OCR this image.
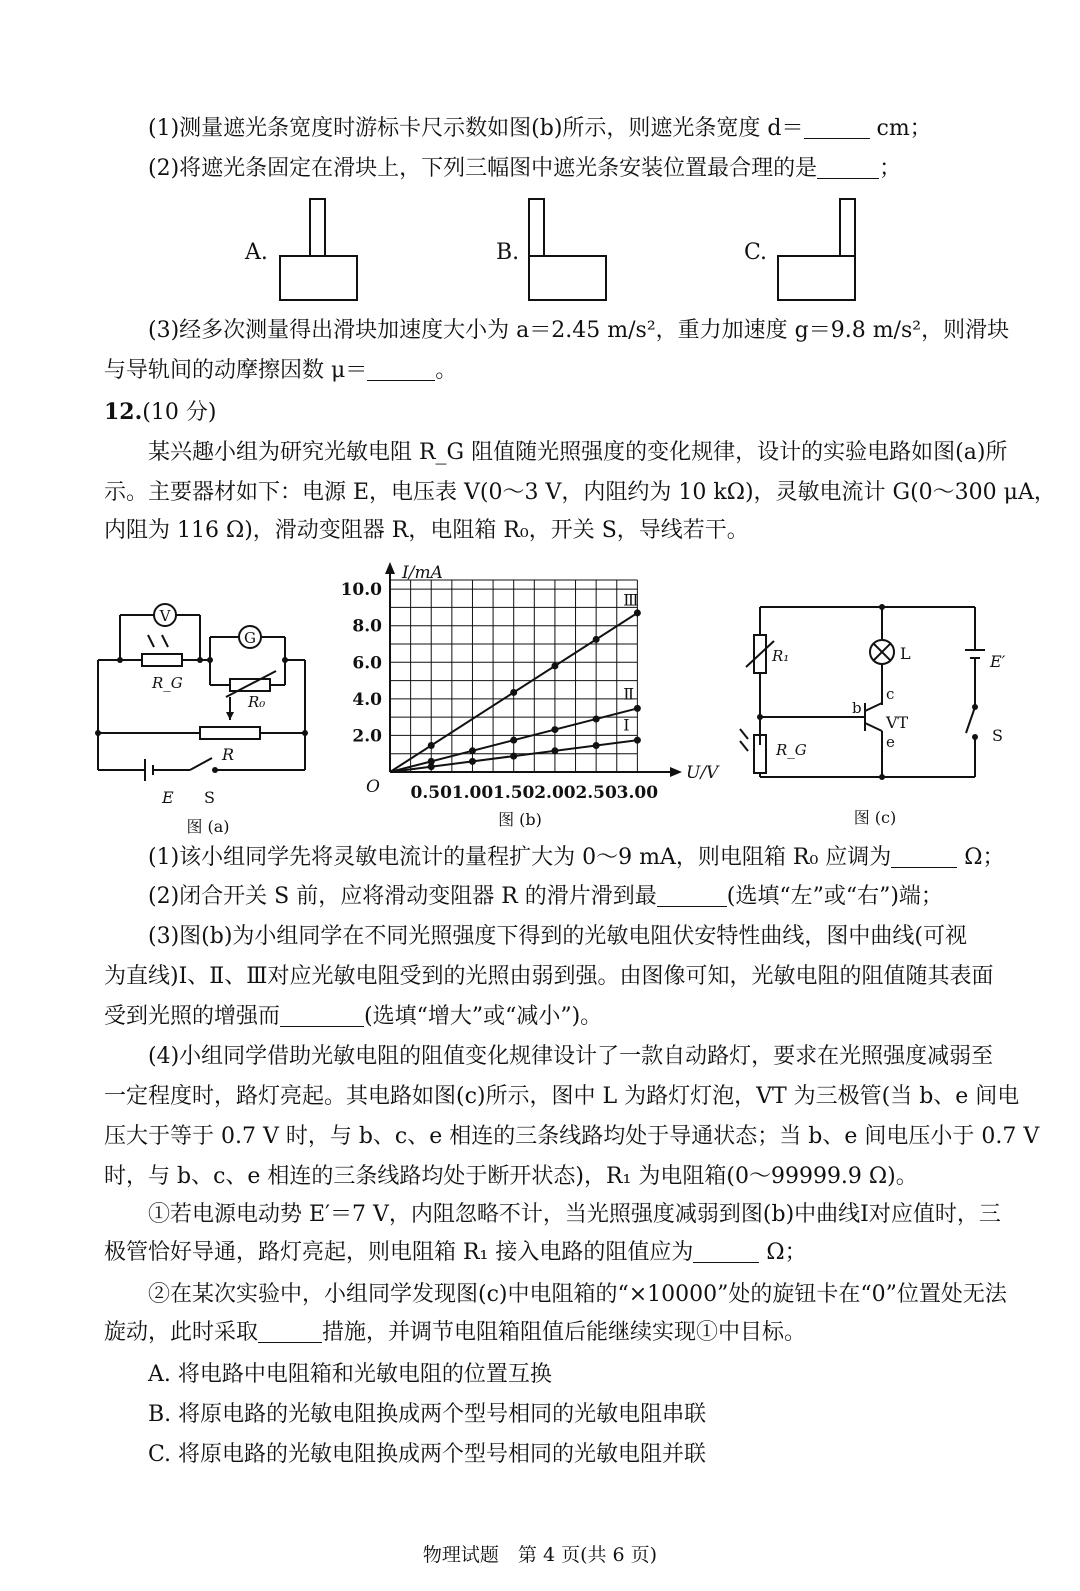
(1)测量遮光条宽度时游标卡尺示数如图(b)所示，则遮光条宽度 d＝	cm；
(2)将遮光条固定在滑块上，下列三幅图中遮光条安装位置最合理的是	；
A.	B.	C.
(3)经多次测量得出滑块加速度大小为 a＝2.45 m/s²，重力加速度 g＝9.8 m/s²，则滑块
与导轨间的动摩擦因数 μ＝	。
12.(10 分)
某兴趣小组为研究光敏电阻 R_G 阻值随光照强度的变化规律，设计的实验电路如图(a)所
示。主要器材如下：电源 E，电压表 V(0～3 V，内阻约为 10 kΩ)，灵敏电流计 G(0～300 μA，
内阻为 116 Ω)，滑动变阻器 R，电阻箱 R₀，开关 S，导线若干。
V
G
R_G
R₀
R
E S
图 (a)
Ⅰ
Ⅱ
Ⅲ
0.50 1.00 1.50 2.00 2.50 3.00
2.0
4.0
6.0
8.0
10.0
I/mA
U/V
O
图 (b)
R₁
R_G
L	E′
b
c
e
VT
S
图 (c)
(1)该小组同学先将灵敏电流计的量程扩大为 0～9 mA，则电阻箱 R₀ 应调为	Ω；
(2)闭合开关 S 前，应将滑动变阻器 R 的滑片滑到最	(选填“左”或“右”)端；
(3)图(b)为小组同学在不同光照强度下得到的光敏电阻伏安特性曲线，图中曲线(可视
为直线)Ⅰ、Ⅱ、Ⅲ对应光敏电阻受到的光照由弱到强。由图像可知，光敏电阻的阻值随其表面
受到光照的增强而	(选填“增大”或“减小”)。
(4)小组同学借助光敏电阻的阻值变化规律设计了一款自动路灯，要求在光照强度减弱至
一定程度时，路灯亮起。其电路如图(c)所示，图中 L 为路灯灯泡，VT 为三极管(当 b、e 间电
压大于等于 0.7 V 时，与 b、c、e 相连的三条线路均处于导通状态；当 b、e 间电压小于 0.7 V
时，与 b、c、e 相连的三条线路均处于断开状态)，R₁ 为电阻箱(0～99999.9 Ω)。
①若电源电动势 E′＝7 V，内阻忽略不计，当光照强度减弱到图(b)中曲线Ⅰ对应值时，三
极管恰好导通，路灯亮起，则电阻箱 R₁ 接入电路的阻值应为	Ω；
②在某次实验中，小组同学发现图(c)中电阻箱的“×10000”处的旋钮卡在“0”位置处无法
旋动，此时采取	措施，并调节电阻箱阻值后能继续实现①中目标。
A. 将电路中电阻箱和光敏电阻的位置互换
B. 将原电路的光敏电阻换成两个型号相同的光敏电阻串联
C. 将原电路的光敏电阻换成两个型号相同的光敏电阻并联
物理试题　第 4 页(共 6 页)
